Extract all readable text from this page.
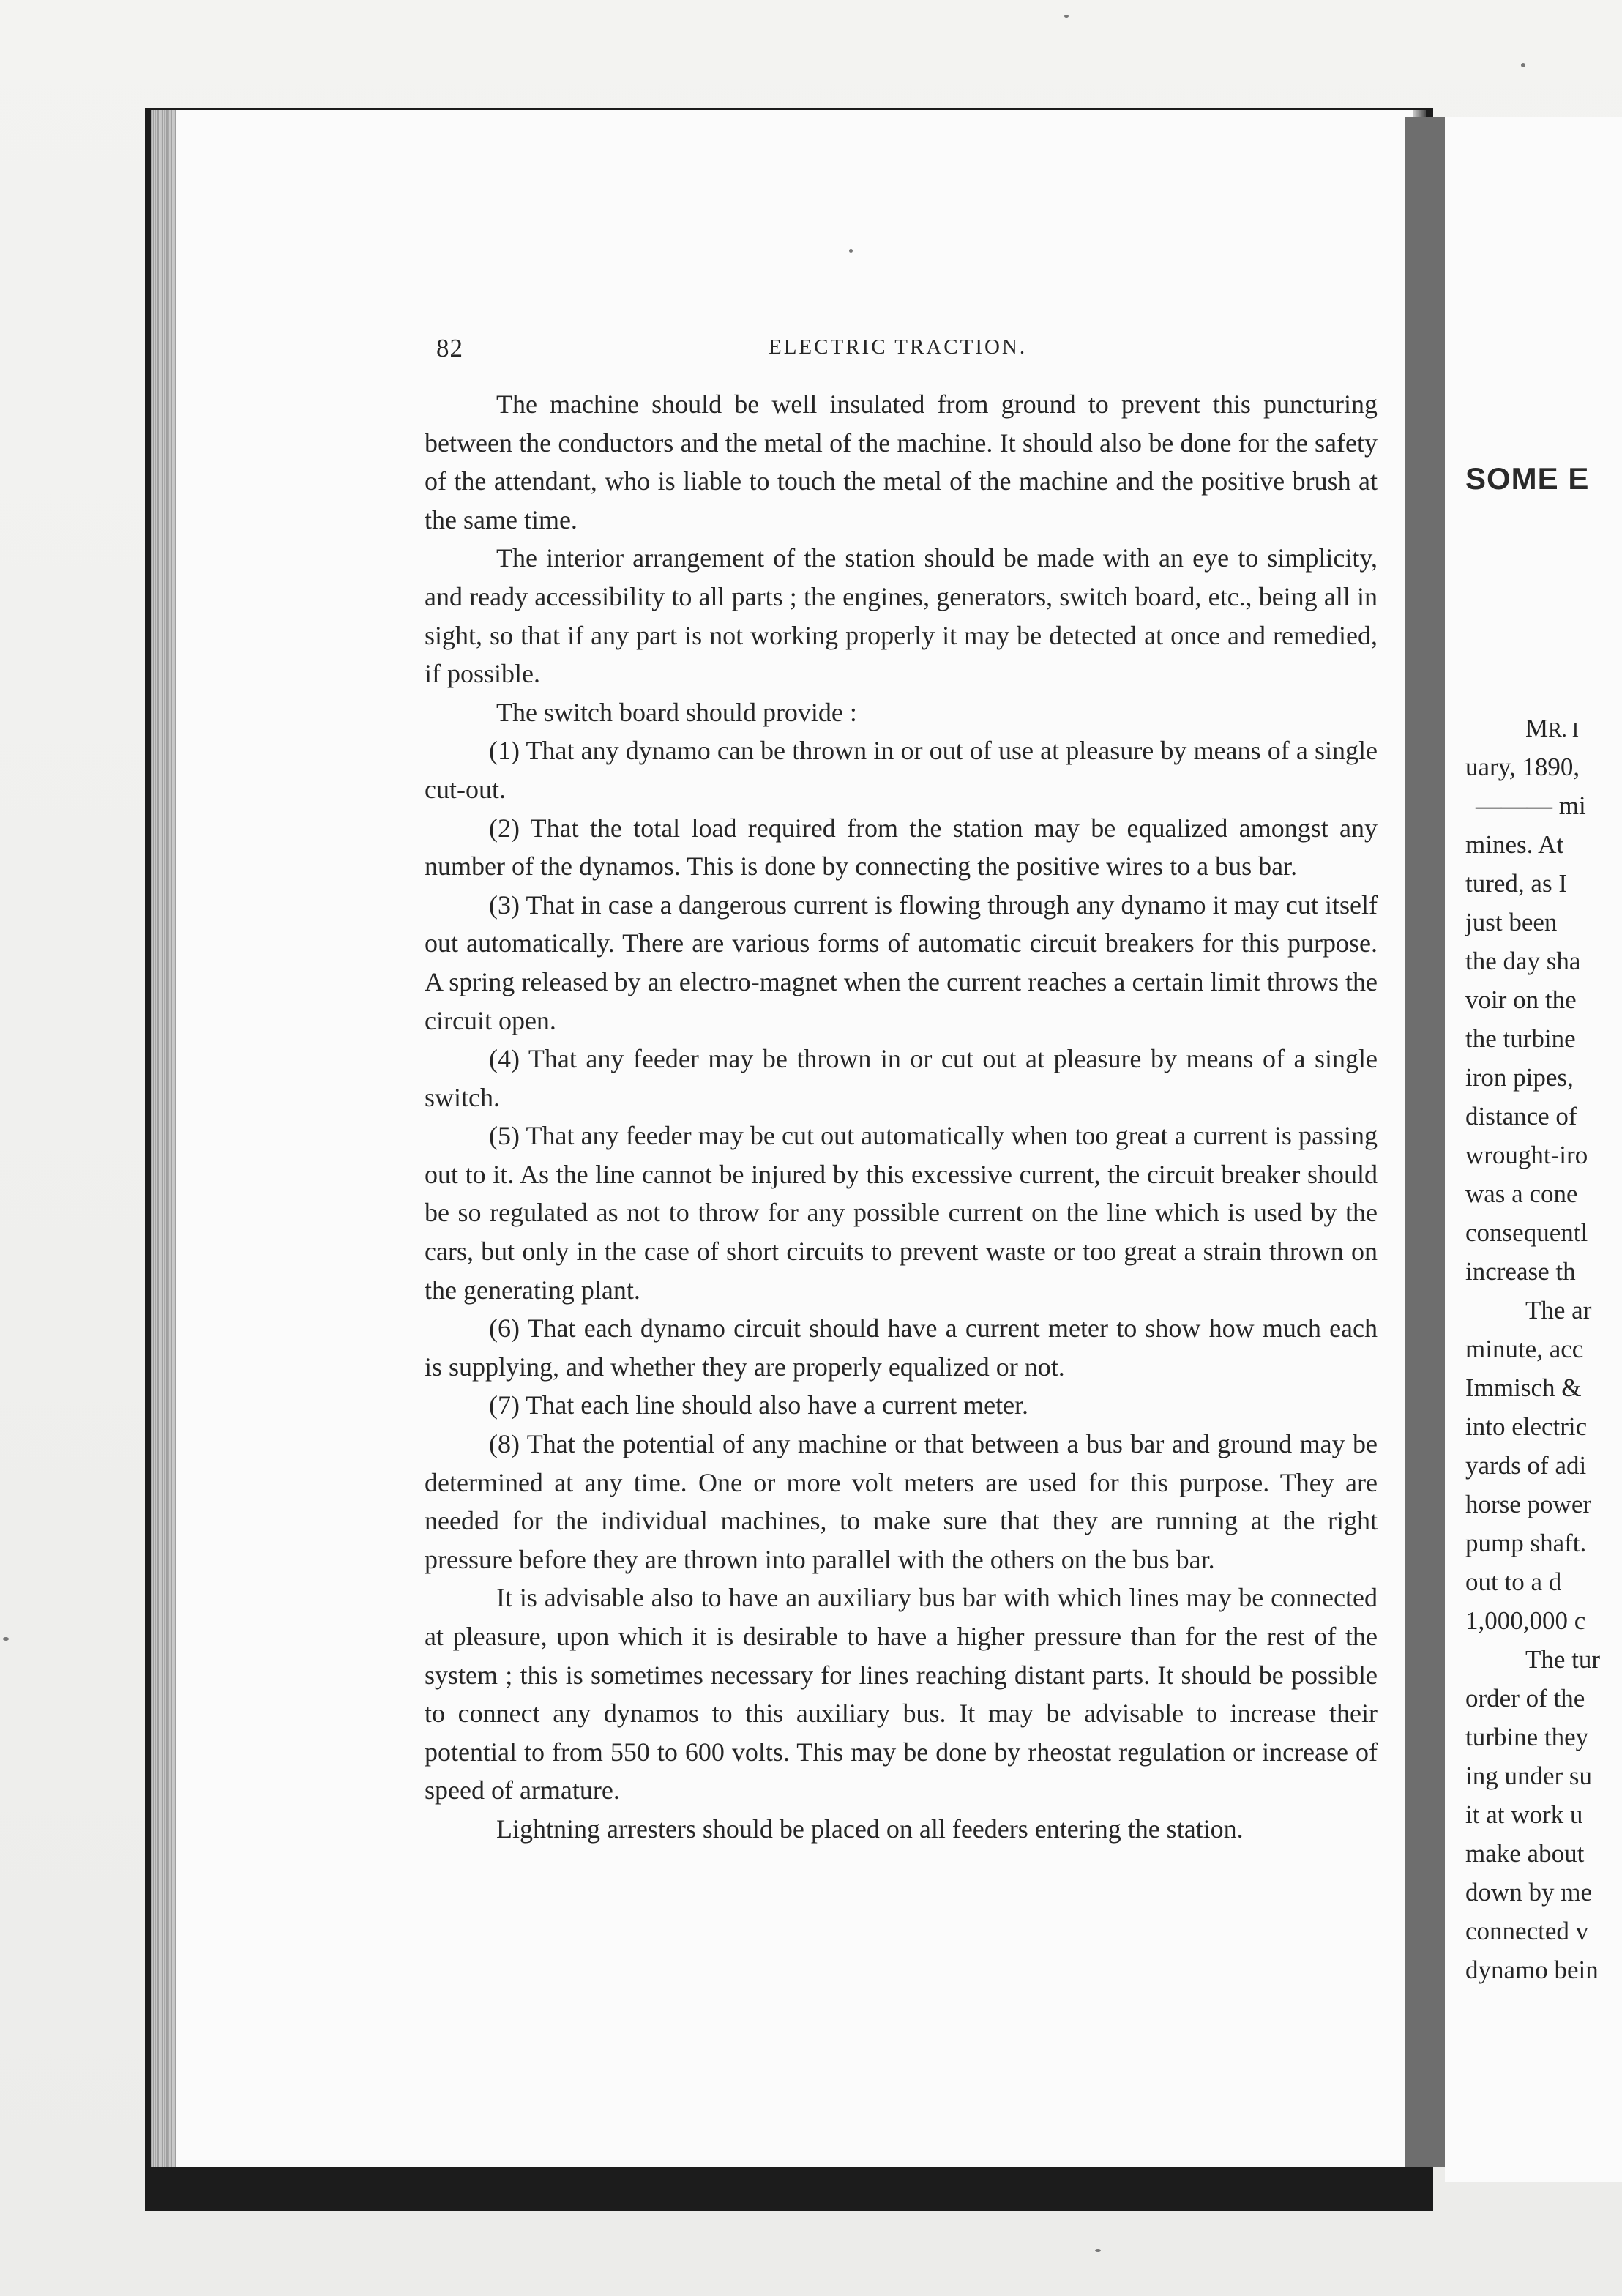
82	ELECTRIC TRACTION.

The machine should be well insulated from ground to prevent this puncturing between the conductors and the metal of the machine. It should also be done for the safety of the attendant, who is liable to touch the metal of the machine and the positive brush at the same time.

The interior arrangement of the station should be made with an eye to simplicity, and ready accessibility to all parts ; the engines, generators, switch board, etc., being all in sight, so that if any part is not working properly it may be detected at once and remedied, if possible.

The switch board should provide :

(1) That any dynamo can be thrown in or out of use at pleasure by means of a single cut-out.

(2) That the total load required from the station may be equalized amongst any number of the dynamos. This is done by connecting the positive wires to a bus bar.

(3) That in case a dangerous current is flowing through any dynamo it may cut itself out automatically. There are various forms of automatic circuit breakers for this purpose. A spring released by an electro-magnet when the current reaches a certain limit throws the circuit open.

(4) That any feeder may be thrown in or cut out at pleasure by means of a single switch.

(5) That any feeder may be cut out automatically when too great a current is passing out to it. As the line cannot be injured by this excessive current, the circuit breaker should be so regulated as not to throw for any possible current on the line which is used by the cars, but only in the case of short circuits to prevent waste or too great a strain thrown on the generating plant.

(6) That each dynamo circuit should have a current meter to show how much each is supplying, and whether they are properly equalized or not.

(7) That each line should also have a current meter.

(8) That the potential of any machine or that between a bus bar and ground may be determined at any time. One or more volt meters are used for this purpose. They are needed for the individual machines, to make sure that they are running at the right pressure before they are thrown into parallel with the others on the bus bar.

It is advisable also to have an auxiliary bus bar with which lines may be connected at pleasure, upon which it is desirable to have a higher pressure than for the rest of the system ; this is sometimes necessary for lines reaching distant parts. It should be possible to connect any dynamos to this auxiliary bus. It may be advisable to increase their potential to from 550 to 600 volts. This may be done by rheostat regulation or increase of speed of armature.

Lightning arresters should be placed on all feeders entering the station.

SOME E
MR. I
uary, 1890,
——— mi
mines. At
tured, as I
just been
the day sha
voir on the
the turbine
iron pipes,
distance of
wrought-iro
was a cone
consequentl
increase th
The ar
minute, acc
Immisch &
into electric
yards of adi
horse power
pump shaft.
out to a d
1,000,000 c
The tur
order of the
turbine they
ing under su
it at work u
make about
down by me
connected v
dynamo bein
